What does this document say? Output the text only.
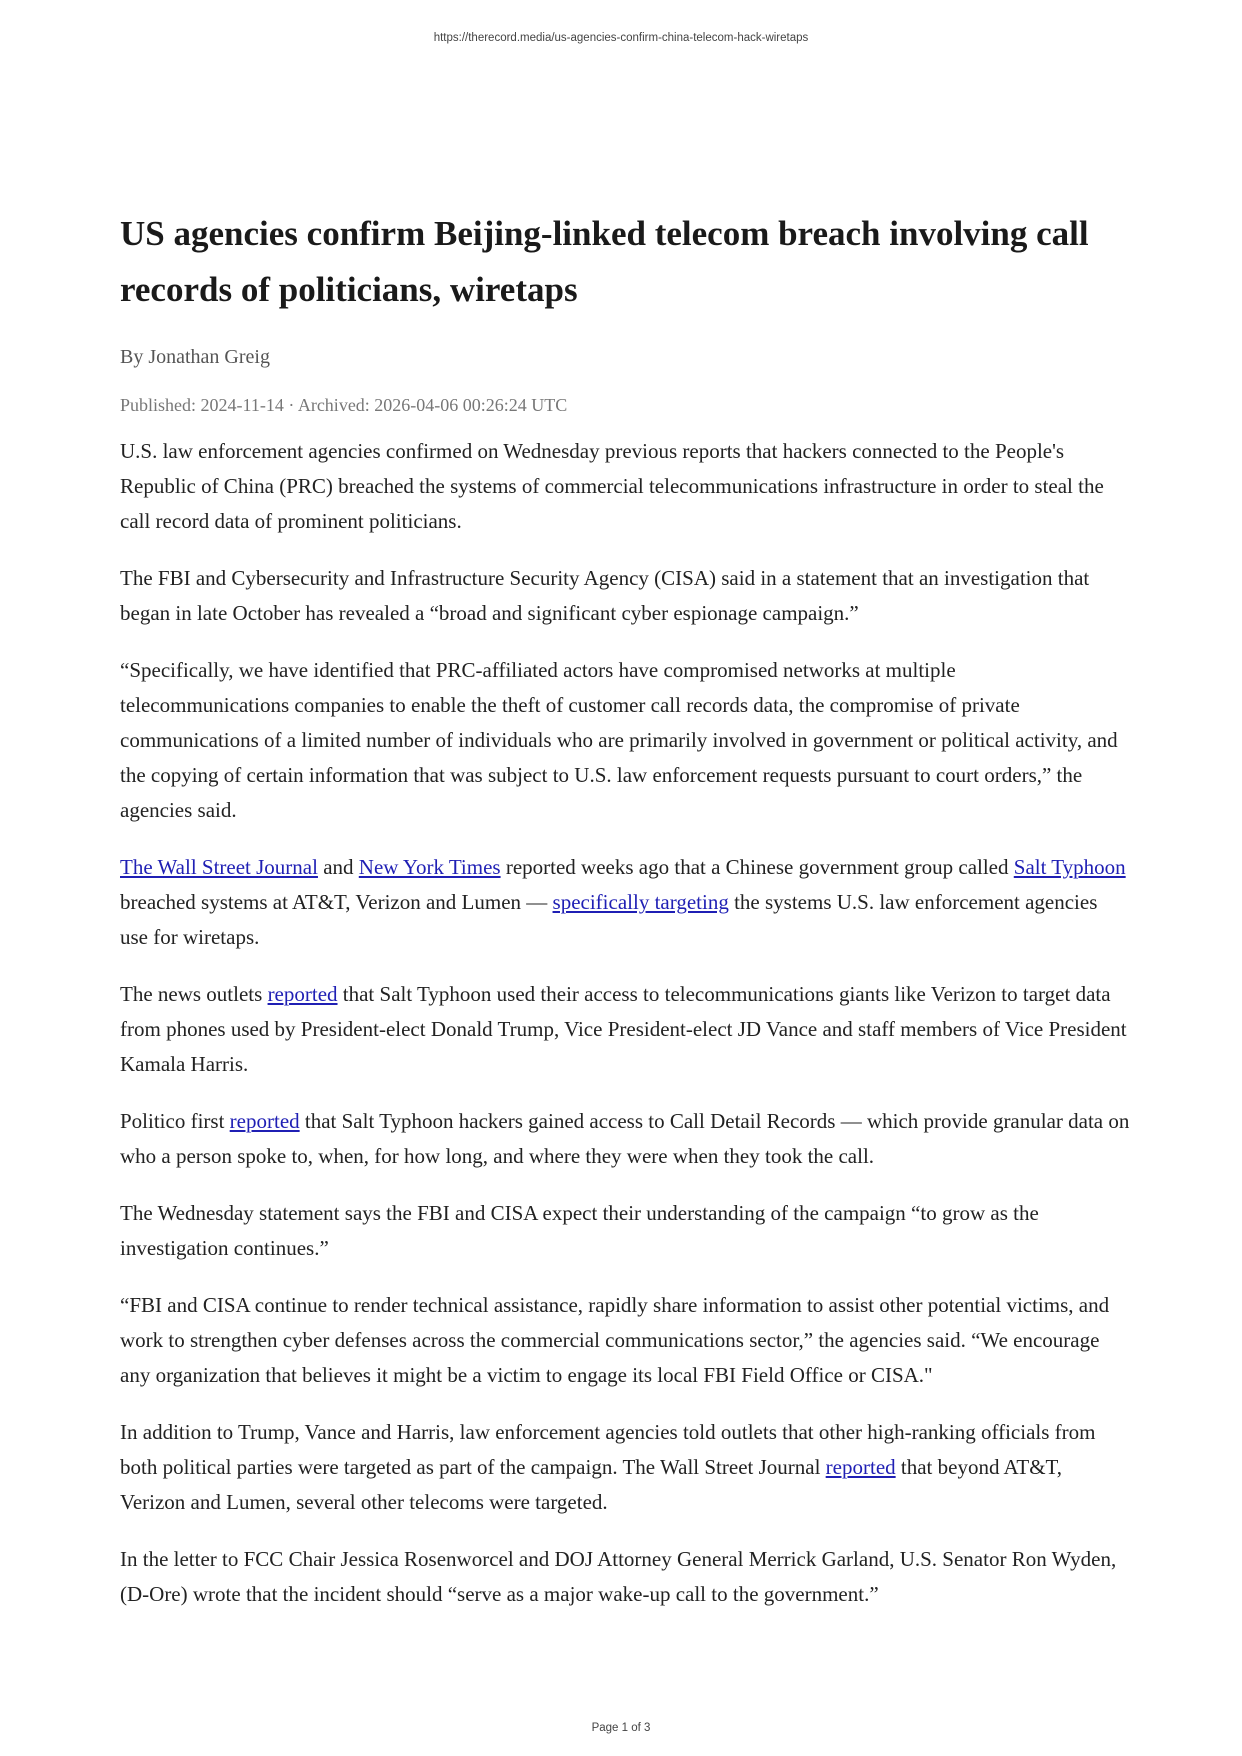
https://therecord.media/us-agencies-confirm-china-telecom-hack-wiretaps
US agencies confirm Beijing-linked telecom breach involving call records of politicians, wiretaps
By Jonathan Greig
Published: 2024-11-14 · Archived: 2026-04-06 00:26:24 UTC

U.S. law enforcement agencies confirmed on Wednesday previous reports that hackers connected to the People's Republic of China (PRC) breached the systems of commercial telecommunications infrastructure in order to steal the call record data of prominent politicians.

The FBI and Cybersecurity and Infrastructure Security Agency (CISA) said in a statement that an investigation that began in late October has revealed a “broad and significant cyber espionage campaign.”

“Specifically, we have identified that PRC-affiliated actors have compromised networks at multiple telecommunications companies to enable the theft of customer call records data, the compromise of private communications of a limited number of individuals who are primarily involved in government or political activity, and the copying of certain information that was subject to U.S. law enforcement requests pursuant to court orders,” the agencies said.

The Wall Street Journal and New York Times reported weeks ago that a Chinese government group called Salt Typhoon breached systems at AT&T, Verizon and Lumen — specifically targeting the systems U.S. law enforcement agencies use for wiretaps.

The news outlets reported that Salt Typhoon used their access to telecommunications giants like Verizon to target data from phones used by President-elect Donald Trump, Vice President-elect JD Vance and staff members of Vice President Kamala Harris.

Politico first reported that Salt Typhoon hackers gained access to Call Detail Records — which provide granular data on who a person spoke to, when, for how long, and where they were when they took the call.

The Wednesday statement says the FBI and CISA expect their understanding of the campaign “to grow as the investigation continues.”

“FBI and CISA continue to render technical assistance, rapidly share information to assist other potential victims, and work to strengthen cyber defenses across the commercial communications sector,” the agencies said. “We encourage any organization that believes it might be a victim to engage its local FBI Field Office or CISA."

In addition to Trump, Vance and Harris, law enforcement agencies told outlets that other high-ranking officials from both political parties were targeted as part of the campaign. The Wall Street Journal reported that beyond AT&T, Verizon and Lumen, several other telecoms were targeted.

In the letter to FCC Chair Jessica Rosenworcel and DOJ Attorney General Merrick Garland, U.S. Senator Ron Wyden, (D-Ore) wrote that the incident should “serve as a major wake-up call to the government.”

Page 1 of 3
